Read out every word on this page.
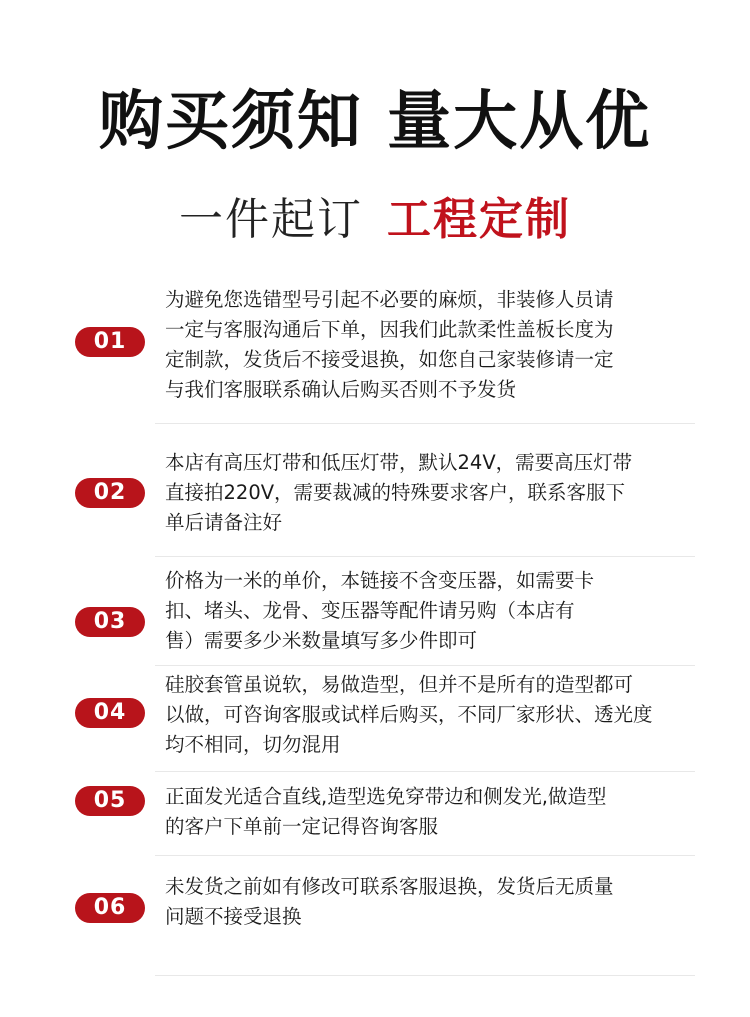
购买须知 量大从优
一件起订 工程定制
01

为避免您选错型号引起不必要的麻烦，非装修人员请

一定与客服沟通后下单，因我们此款柔性盖板长度为

定制款，发货后不接受退换，如您自己家装修请一定

与我们客服联系确认后购买否则不予发货

02

本店有高压灯带和低压灯带，默认24V，需要高压灯带

直接拍220V，需要裁减的特殊要求客户，联系客服下

单后请备注好

03

价格为一米的单价，本链接不含变压器，如需要卡

扣、堵头、龙骨、变压器等配件请另购（本店有

售）需要多少米数量填写多少件即可

04

硅胶套管虽说软，易做造型，但并不是所有的造型都可

以做，可咨询客服或试样后购买，不同厂家形状、透光度

均不相同，切勿混用

05	正面发光适合直线,造型选免穿带边和侧发光,做造型

的客户下单前一定记得咨询客服

06

未发货之前如有修改可联系客服退换，发货后无质量

问题不接受退换
